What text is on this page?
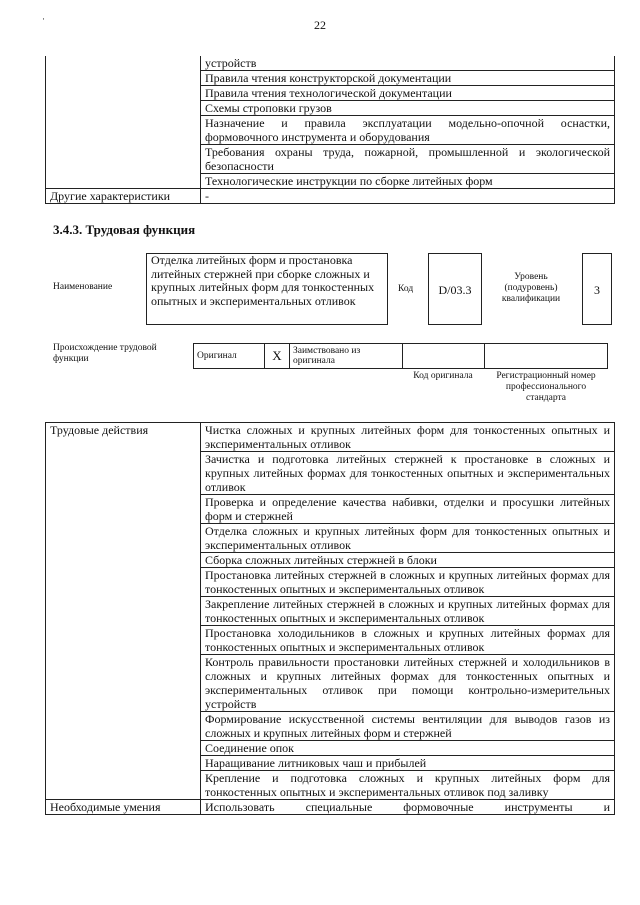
·	22
	устройств
	Правила чтения конструкторской документации
	Правила чтения технологической документации
	Схемы строповки грузов
	Назначение и правила эксплуатации модельно-опочной оснастки, формовочного инструмента и оборудования
	Требования охраны труда, пожарной, промышленной и экологической безопасности
	Технологические инструкции по сборке литейных форм
Другие характеристики	-
3.4.3. Трудовая функция
Наименование
Отделка литейных форм и простановка литейных стержней при сборке сложных и крупных литейных форм для тонкостенных опытных и экспериментальных отливок
Код	D/03.3
Уровень (подуровень) квалификации
3
Происхождение трудовой функции	Оригинал	X	Заимствовано из оригинала		
Код оригинала	Регистрационный номер профессионального стандарта
Трудовые действия	Чистка сложных и крупных литейных форм для тонкостенных опытных и экспериментальных отливок
	Зачистка и подготовка литейных стержней к простановке в сложных и крупных литейных формах для тонкостенных опытных и экспериментальных отливок
	Проверка и определение качества набивки, отделки и просушки литейных форм и стержней
	Отделка сложных и крупных литейных форм для тонкостенных опытных и экспериментальных отливок
	Сборка сложных литейных стержней в блоки
	Простановка литейных стержней в сложных и крупных литейных формах для тонкостенных опытных и экспериментальных отливок
	Закрепление литейных стержней в сложных и крупных литейных формах для тонкостенных опытных и экспериментальных отливок
	Простановка холодильников в сложных и крупных литейных формах для тонкостенных опытных и экспериментальных отливок
	Контроль правильности простановки литейных стержней и холодильников в сложных и крупных литейных формах для тонкостенных опытных и экспериментальных отливок при помощи контрольно-измерительных устройств
	Формирование искусственной системы вентиляции для выводов газов из сложных и крупных литейных форм и стержней
	Соединение опок
	Наращивание литниковых чаш и прибылей
	Крепление и подготовка сложных и крупных литейных форм для тонкостенных опытных и экспериментальных отливок под заливку
Необходимые умения	Использовать специальные формовочные инструменты и
